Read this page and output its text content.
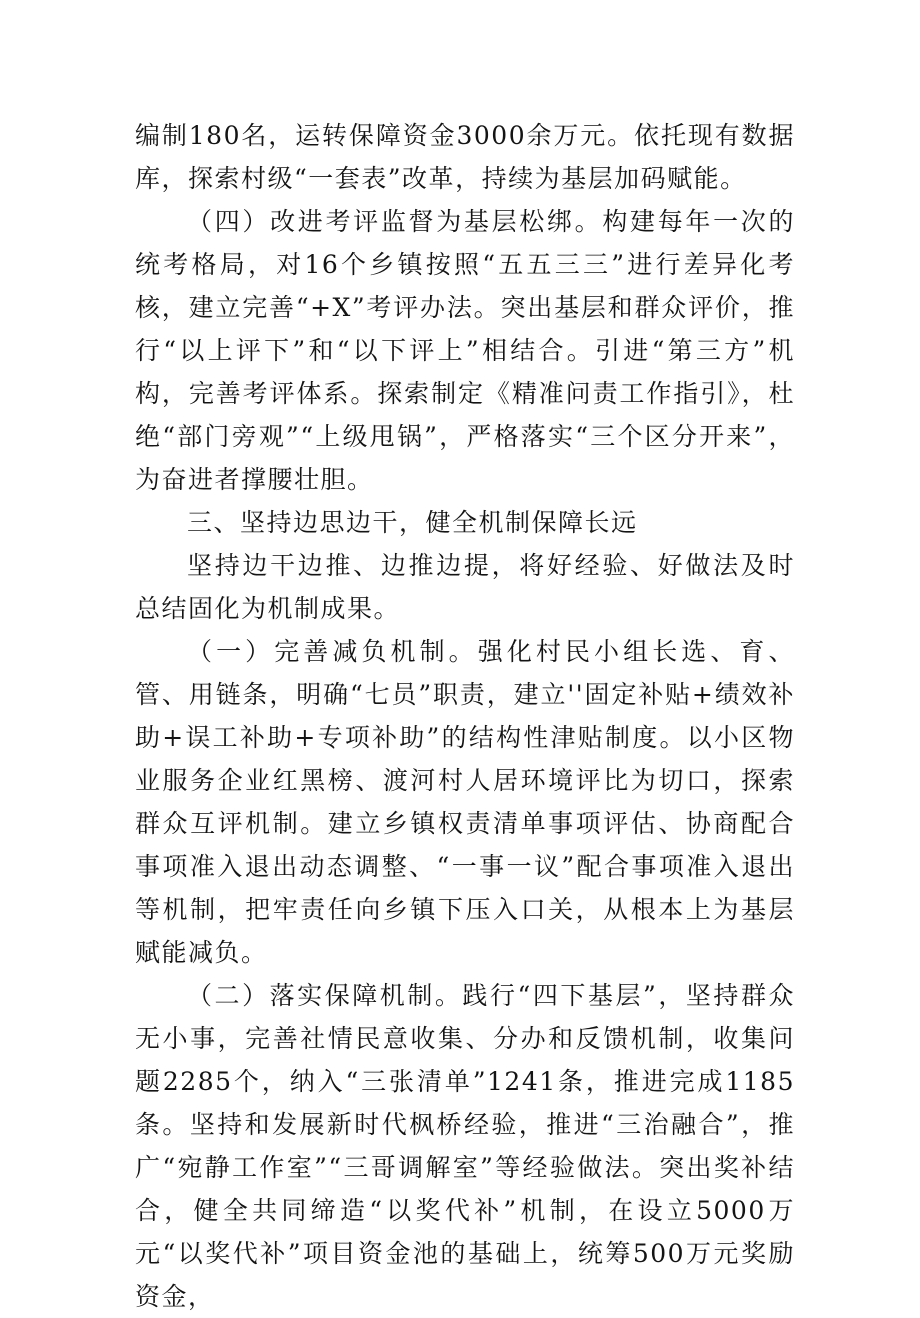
编制180名，运转保障资金3000余万元。依托现有数据库，探索村级“一套表”改革，持续为基层加码赋能。

（四）改进考评监督为基层松绑。构建每年一次的统考格局，对16个乡镇按照“五五三三”进行差异化考核，建立完善“+X”考评办法。突出基层和群众评价，推行“以上评下”和“以下评上”相结合。引进“第三方”机构，完善考评体系。探索制定《精准问责工作指引》，杜绝“部门旁观”“上级甩锅”，严格落实“三个区分开来”，为奋进者撑腰壮胆。

三、坚持边思边干，健全机制保障长远

坚持边干边推、边推边提，将好经验、好做法及时总结固化为机制成果。

（一）完善减负机制。强化村民小组长选、育、管、用链条，明确“七员”职责，建立''固定补贴+绩效补助+误工补助+专项补助”的结构性津贴制度。以小区物业服务企业红黑榜、渡河村人居环境评比为切口，探索群众互评机制。建立乡镇权责清单事项评估、协商配合事项准入退出动态调整、“一事一议”配合事项准入退出等机制，把牢责任向乡镇下压入口关，从根本上为基层赋能减负。

（二）落实保障机制。践行“四下基层”，坚持群众无小事，完善社情民意收集、分办和反馈机制，收集问题2285个，纳入“三张清单”1241条，推进完成1185条。坚持和发展新时代枫桥经验，推进“三治融合”，推广“宛静工作室”“三哥调解室”等经验做法。突出奖补结合，健全共同缔造“以奖代补”机制，在设立5000万元“以奖代补”项目资金池的基础上，统筹500万元奖励资金，
